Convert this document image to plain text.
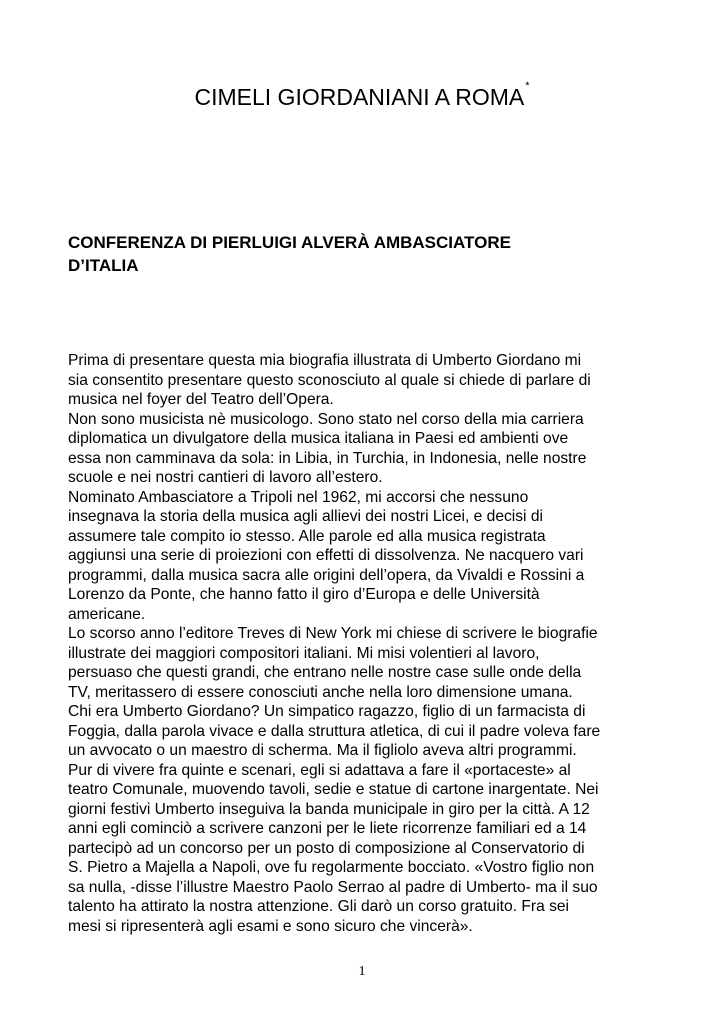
CIMELI GIORDANIANI A ROMA*
CONFERENZA DI PIERLUIGI ALVERÀ AMBASCIATORE
D’ITALIA

Prima di presentare questa mia biografia illustrata di Umberto Giordano mi
sia consentito presentare questo sconosciuto al quale si chiede di parlare di
musica nel foyer del Teatro dell’Opera.

Non sono musicista nè musicologo. Sono stato nel corso della mia carriera
diplomatica un divulgatore della musica italiana in Paesi ed ambienti ove
essa non camminava da sola: in Libia, in Turchia, in Indonesia, nelle nostre
scuole e nei nostri cantieri di lavoro all’estero.

Nominato Ambasciatore a Tripoli nel 1962, mi accorsi che nessuno
insegnava la storia della musica agli allievi dei nostri Licei, e decisi di
assumere tale compito io stesso. Alle parole ed alla musica registrata
aggiunsi una serie di proiezioni con effetti di dissolvenza. Ne nacquero vari
programmi, dalla musica sacra alle origini dell’opera, da Vivaldi e Rossini a
Lorenzo da Ponte, che hanno fatto il giro d’Europa e delle Università
americane.

Lo scorso anno l’editore Treves di New York mi chiese di scrivere le biografie
illustrate dei maggiori compositori italiani. Mi misi volentieri al lavoro,
persuaso che questi grandi, che entrano nelle nostre case sulle onde della
TV, meritassero di essere conosciuti anche nella loro dimensione umana.

Chi era Umberto Giordano? Un simpatico ragazzo, figlio di un farmacista di
Foggia, dalla parola vivace e dalla struttura atletica, di cui il padre voleva fare
un avvocato o un maestro di scherma. Ma il figliolo aveva altri programmi.
Pur di vivere fra quinte e scenari, egli si adattava a fare il «portaceste» al
teatro Comunale, muovendo tavoli, sedie e statue di cartone inargentate. Nei
giorni festivi Umberto inseguiva la banda municipale in giro per la città. A 12
anni egli cominciò a scrivere canzoni per le liete ricorrenze familiari ed a 14
partecipò ad un concorso per un posto di composizione al Conservatorio di
S. Pietro a Majella a Napoli, ove fu regolarmente bocciato. «Vostro figlio non
sa nulla, -disse l’illustre Maestro Paolo Serrao al padre di Umberto- ma il suo
talento ha attirato la nostra attenzione. Gli darò un corso gratuito. Fra sei
mesi si ripresenterà agli esami e sono sicuro che vincerà».

1
